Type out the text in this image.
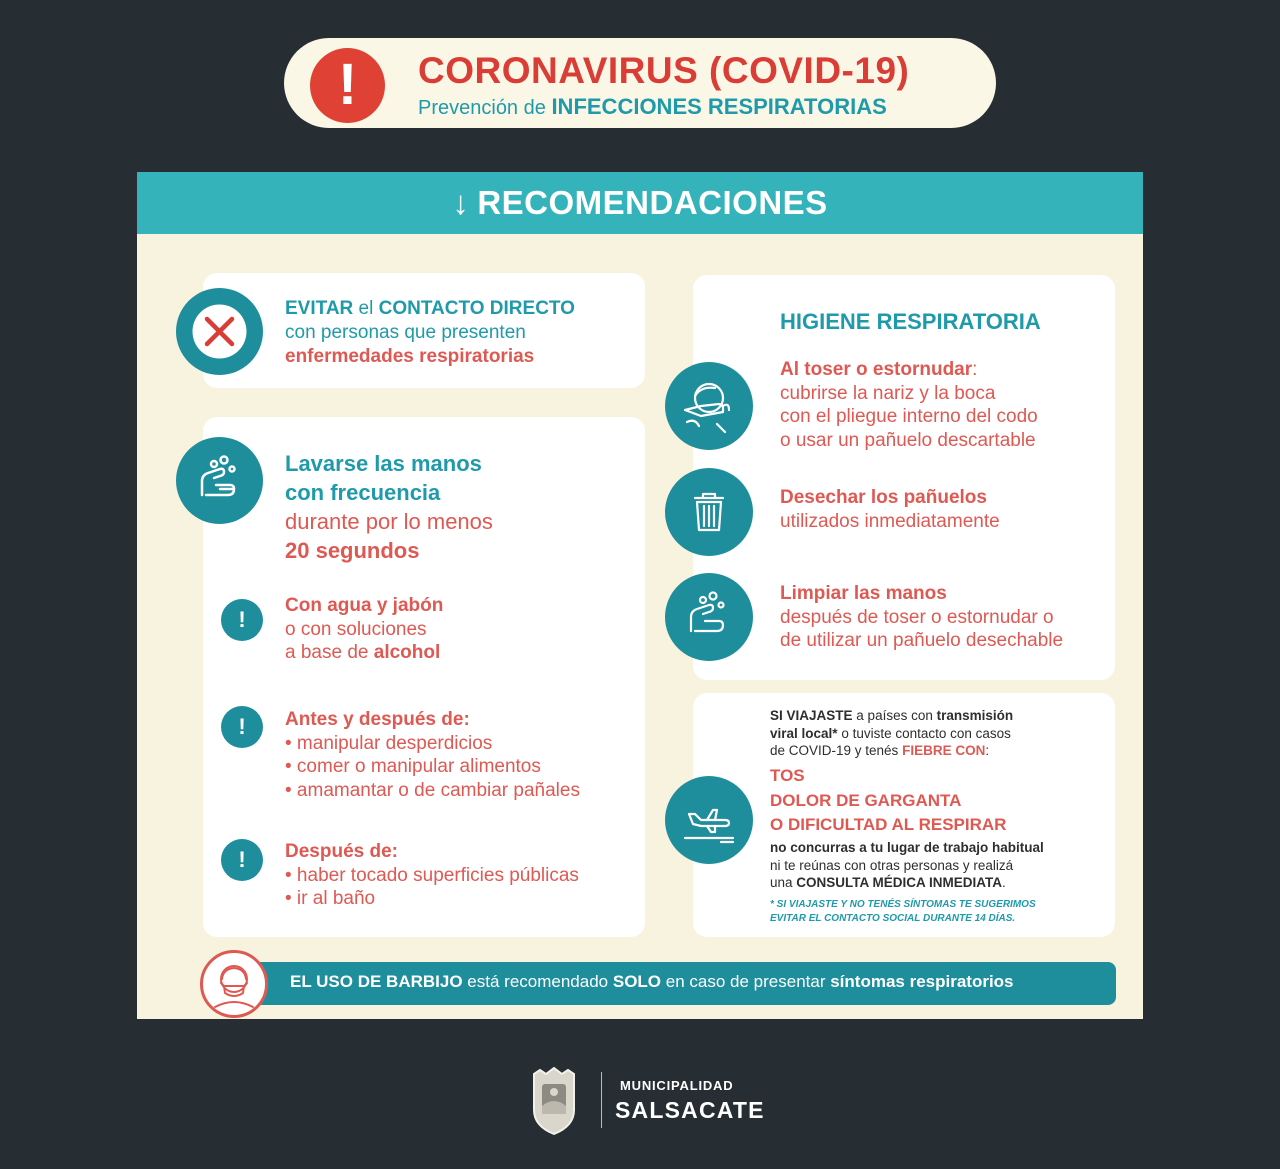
!	CORONAVIRUS (COVID-19)
Prevención de INFECCIONES RESPIRATORIAS
↓ RECOMENDACIONES
EVITAR el CONTACTO DIRECTO
con personas que presenten
enfermedades respiratorias
Lavarse las manos
con frecuencia
durante por lo menos
20 segundos
!
Con agua y jabón
o con soluciones
a base de alcohol
!	Antes y después de:
• manipular desperdicios
• comer o manipular alimentos
• amamantar o de cambiar pañales
!	Después de:
• haber tocado superficies públicas
• ir al baño
HIGIENE RESPIRATORIA
Al toser o estornudar:
cubrirse la nariz y la boca
con el pliegue interno del codo
o usar un pañuelo descartable
Desechar los pañuelos
utilizados inmediatamente
Limpiar las manos
después de toser o estornudar o
de utilizar un pañuelo desechable
SI VIAJASTE a países con transmisión
viral local* o tuviste contacto con casos
de COVID-19 y tenés FIEBRE CON:
TOS
DOLOR DE GARGANTA
O DIFICULTAD AL RESPIRAR
no concurras a tu lugar de trabajo habitual
ni te reúnas con otras personas y realizá
una CONSULTA MÉDICA INMEDIATA.
* SI VIAJASTE Y NO TENÉS SÍNTOMAS TE SUGERIMOS
EVITAR EL CONTACTO SOCIAL DURANTE 14 DÍAS.
EL USO DE BARBIJO está recomendado SOLO en caso de presentar síntomas respiratorios
MUNICIPALIDAD
SALSACATE
